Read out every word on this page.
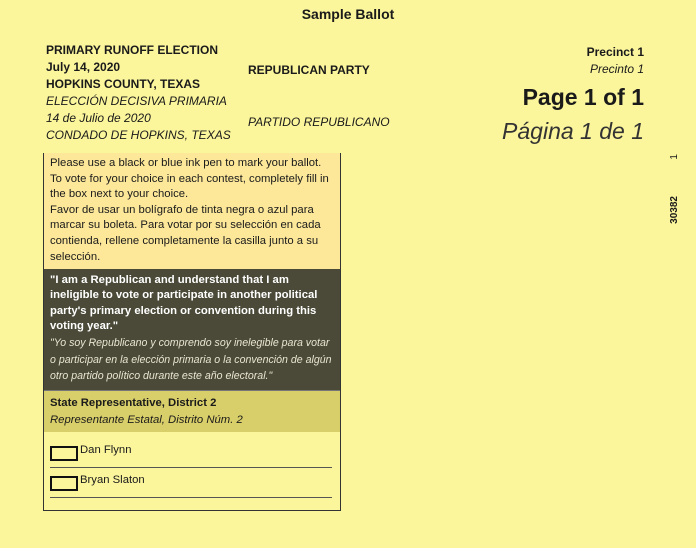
Sample Ballot
PRIMARY RUNOFF ELECTION
July 14, 2020
HOPKINS COUNTY, TEXAS
ELECCIÓN DECISIVA PRIMARIA
14 de Julio de 2020
CONDADO DE HOPKINS, TEXAS
REPUBLICAN PARTY
PARTIDO REPUBLICANO
Precinct 1
Precinto 1
Page 1 of 1
Página 1 de 1
1
30382

Please use a black or blue ink pen to mark your ballot. To vote for your choice in each contest, completely fill in the box next to your choice.

Favor de usar un bolígrafo de tinta negra o azul para marcar su boleta. Para votar por su selección en cada contienda, rellene completamente la casilla junto a su selección.

"I am a Republican and understand that I am ineligible to vote or participate in another political party's primary election or convention during this voting year."
"Yo soy Republicano y comprendo soy inelegible para votar o participar en la elección primaria o la convención de algún otro partido político durante este año electoral."
State Representative, District 2
Representante Estatal, Distrito Núm. 2
Dan Flynn
Bryan Slaton
